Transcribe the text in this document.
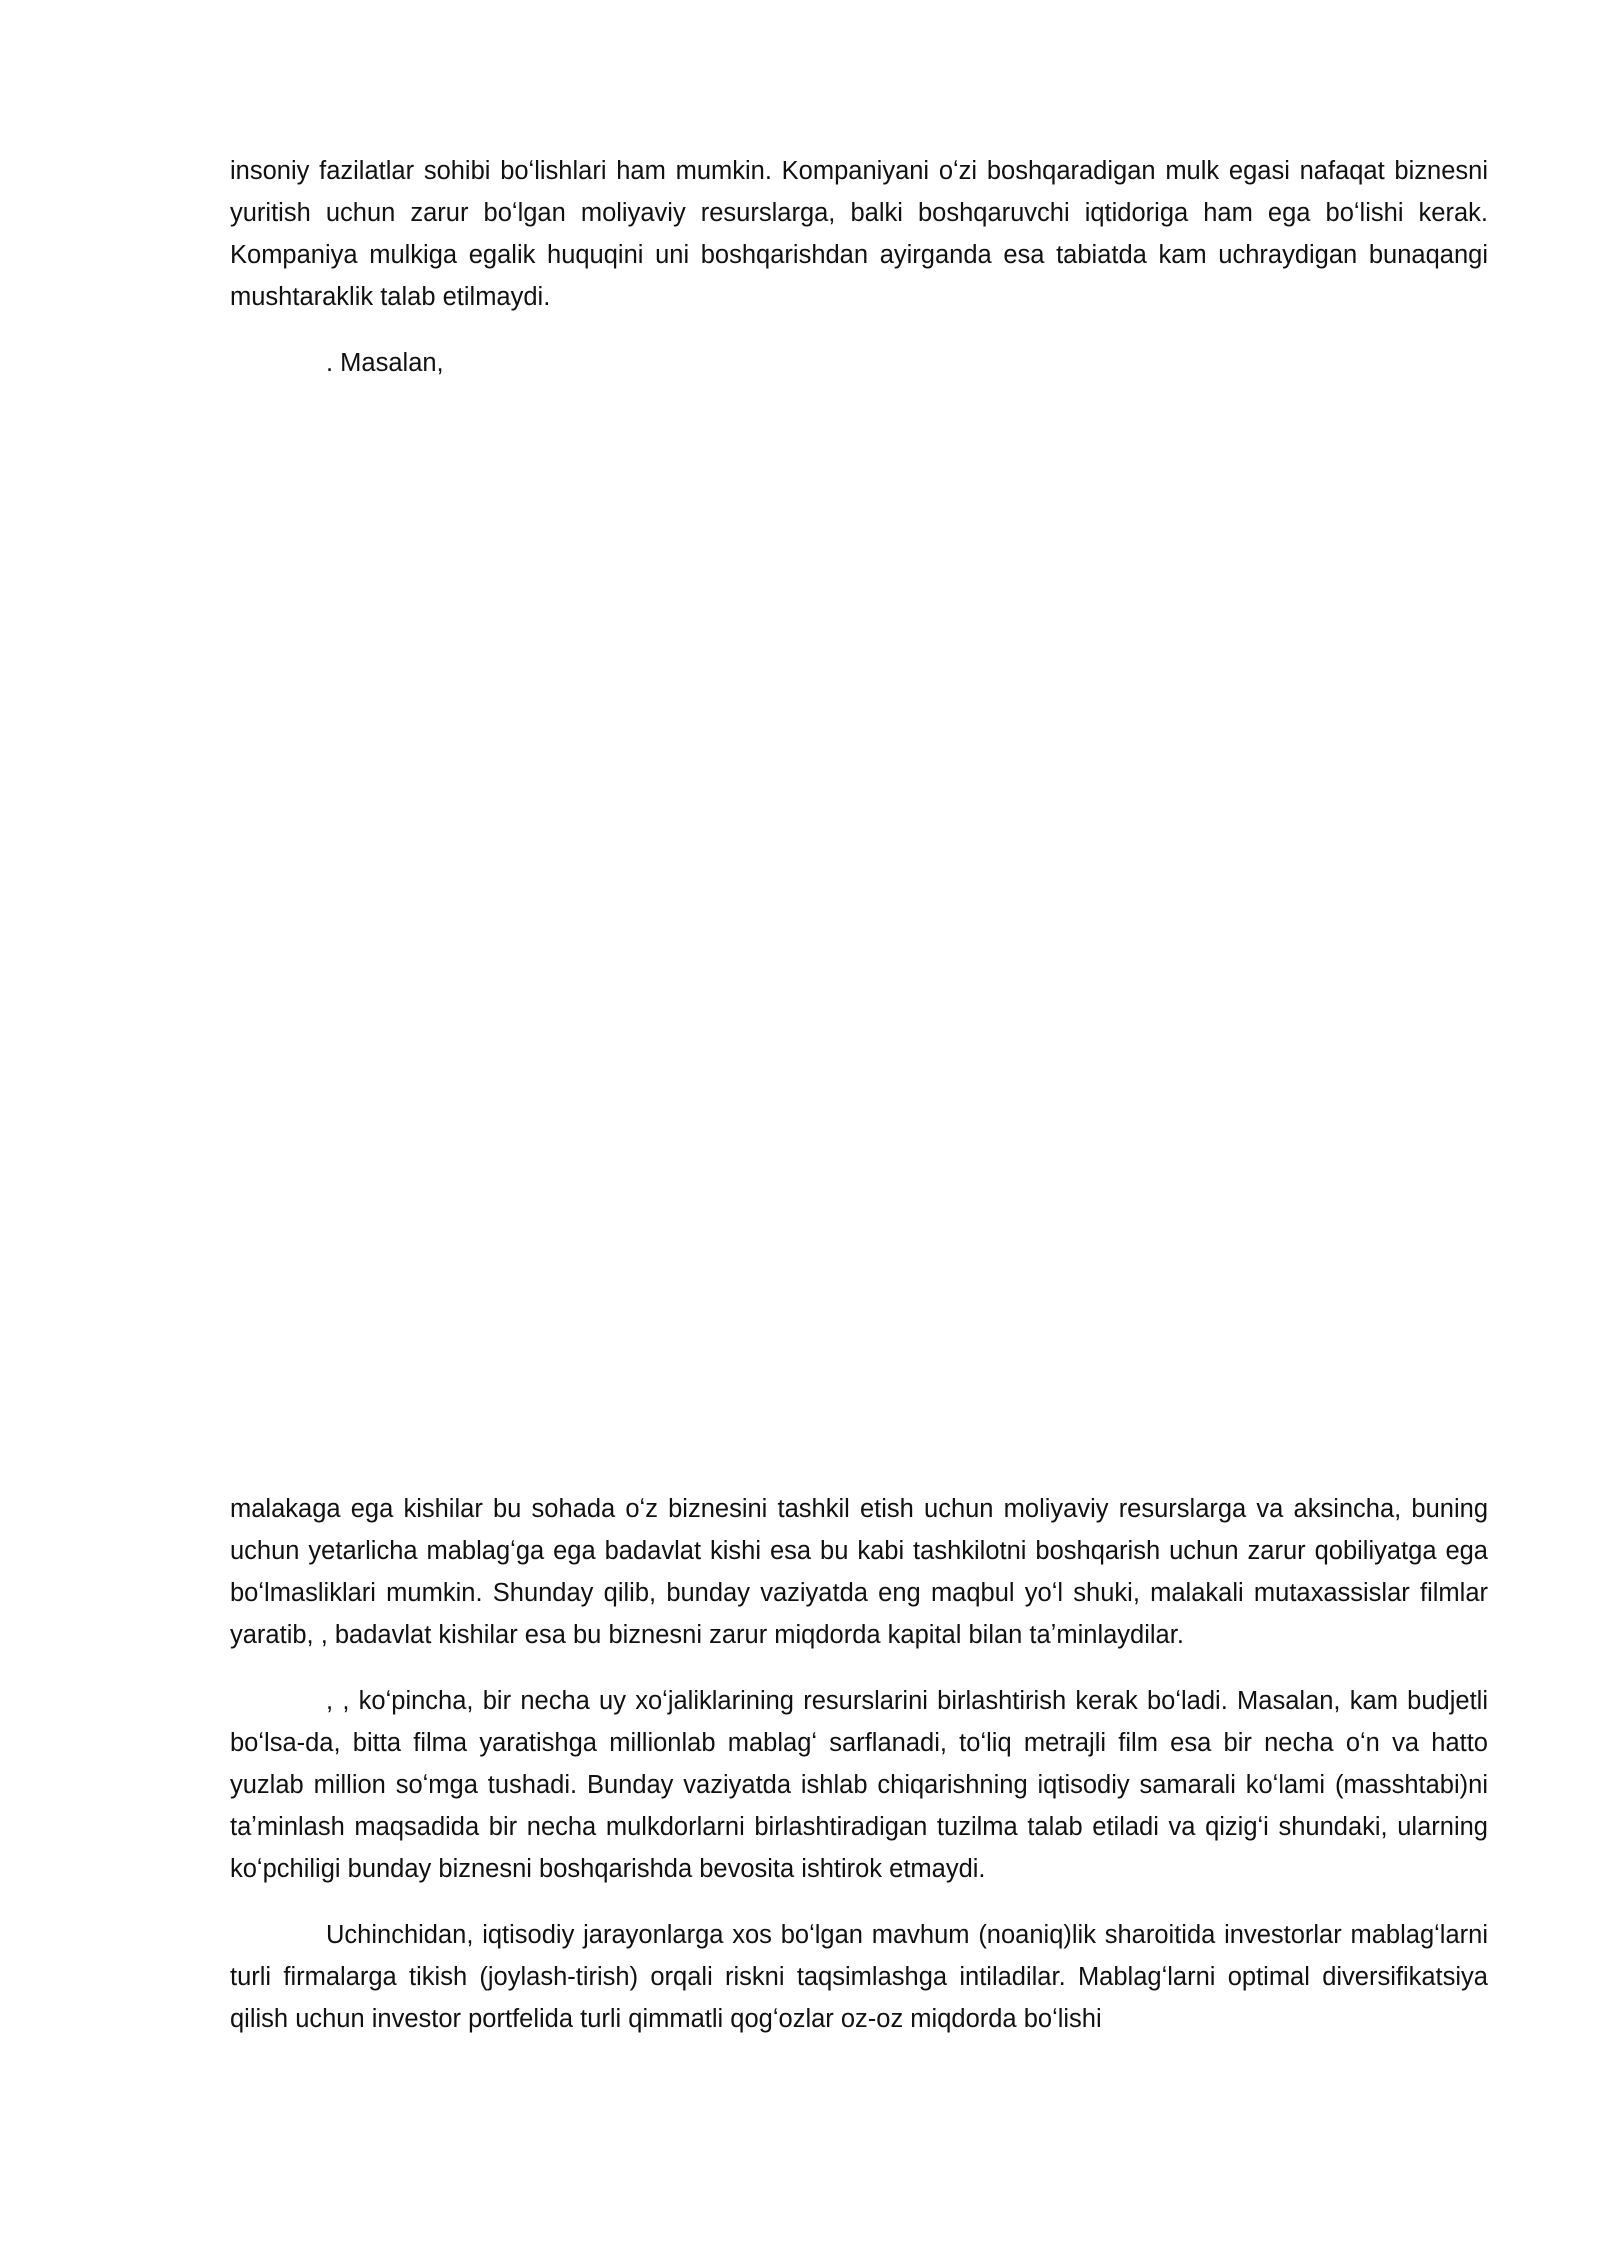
insoniy fazilatlar sohibi boʻlishlari ham mumkin. Kompaniyani oʻzi boshqaradigan mulk egasi nafaqat biznesni yuritish uchun zarur boʻlgan moliyaviy resurslarga, balki boshqaruvchi iqtidoriga ham ega boʻlishi kerak. Kompaniya mulkiga egalik huquqini uni boshqarishdan ayirganda esa tabiatda kam uchraydigan bunaqangi mushtaraklik talab etilmaydi.

. Masalan,

malakaga ega kishilar bu sohada oʻz biznesini tashkil etish uchun moliyaviy resurslarga va aksincha, buning uchun yetarlicha mablagʻga ega badavlat kishi esa bu kabi tashkilotni boshqarish uchun zarur qobiliyatga ega boʻlmasliklari mumkin. Shunday qilib, bunday vaziyatda eng maqbul yoʻl shuki, malakali mutaxassislar filmlar yaratib, , badavlat kishilar esa bu biznesni zarur miqdorda kapital bilan taʼminlaydilar.

, , koʻpincha, bir necha uy xoʻjaliklarining resurslarini birlashtirish kerak boʻladi. Masalan, kam budjetli boʻlsa-da, bitta filma yaratishga millionlab mablagʻ sarflanadi, toʻliq metrajli film esa bir necha oʻn va hatto yuzlab million soʻmga tushadi. Bunday vaziyatda ishlab chiqarishning iqtisodiy samarali koʻlami (masshtabi)ni taʼminlash maqsadida bir necha mulkdorlarni birlashtiradigan tuzilma talab etiladi va qizigʻi shundaki, ularning koʻpchiligi bunday biznesni boshqarishda bevosita ishtirok etmaydi.

Uchinchidan, iqtisodiy jarayonlarga xos boʻlgan mavhum (noaniq)lik sharoitida investorlar mablagʻlarni turli firmalarga tikish (joylash-tirish) orqali riskni taqsimlashga intiladilar. Mablagʻlarni optimal diversifikatsiya qilish uchun investor portfelida turli qimmatli qogʻozlar oz-oz miqdorda boʻlishi
